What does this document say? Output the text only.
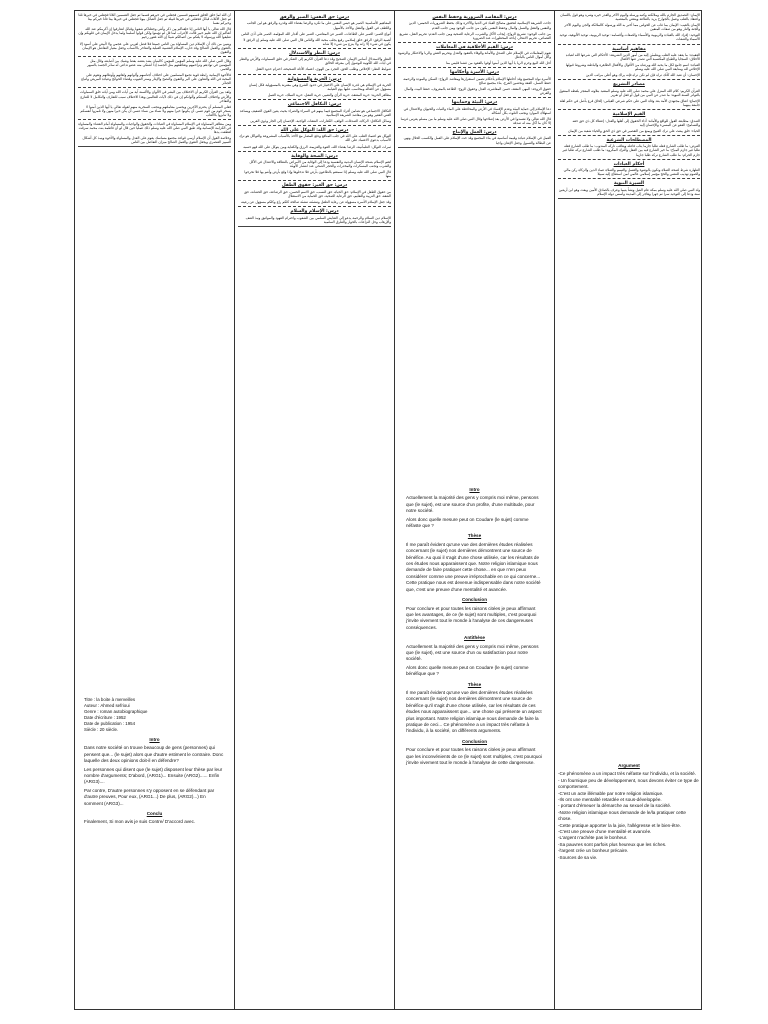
الإيمان: التصديق الجازم بالله وملائكته وكتبه ورسله واليوم الآخر والقدر خيره وشره وهو قول باللسان واعتقاد بالقلب وعمل بالجوارح يزيد بالطاعة وينقص بالمعصية

الإيمان بالغيب: الإيمان بما غاب عن الحواس مما أخبر به الله ورسوله كالملائكة والجن واليوم الآخر والجنة والنار وهو من صفات المتقين

التوحيد: إفراد الله بالعبادة والربوبية والأسماء والصفات وأقسامه: توحيد الربوبية، توحيد الألوهية، توحيد الأسماء والصفات

مفاهيم أساسية

العقيدة: ما يعقد عليه القلب ويطمئن إليه من أمور الدين الشريعة: الأحكام التي شرعها الله لعباده الأخلاق: السجايا والطباع المكتسبة التي تصدر عنها الأفعال

العبادة: اسم جامع لكل ما يحبه الله ويرضاه من الأقوال والأفعال الظاهرة والباطنة وشروط قبولها الإخلاص لله ومتابعة النبي صلى الله عليه وسلم

الإحسان: أن تعبد الله كأنك تراه فإن لم تكن تراه فإنه يراك وهو أعلى مراتب الدين

مصادر التشريع

القرآن الكريم: كلام الله المنزل على محمد صلى الله عليه وسلم المتعبد بتلاوته المعجز بلفظه المنقول بالتواتر السنة النبوية: ما صدر عن النبي من قول أو فعل أو تقرير

الإجماع: اتفاق مجتهدي الأمة بعد وفاة النبي على حكم شرعي القياس: إلحاق فرع بأصل في حكم لعلة جامعة بينهما

القيم الإسلامية

الصدق: مطابقة القول للواقع والأمانة: أداء الحقوق إلى أهلها والعدل: إعطاء كل ذي حق حقه والتسامح: العفو عن المسيء والإحسان إليه

الحياء: خلق يبعث على ترك القبيح ويمنع من التقصير في حق ذي الحق والحياء شعبة من الإيمان

المصطلحات الشرعية

الفرض: ما طلب الشارع فعله طلبا جازما يثاب فاعله ويعاقب تاركه المندوب: ما طلب الشارع فعله طلبا غير جازم المباح: ما خير الشارع فيه بين الفعل والترك المكروه: ما طلب الشارع تركه طلبا غير جازم الحرام: ما طلب الشارع تركه طلبا جازما

أحكام العبادات

الطهارة شرط لصحة الصلاة وتكون بالوضوء والغسل والتيمم والصلاة عماد الدين والزكاة ركن مالي والصوم تهذيب للنفس والحج مؤتمر إسلامي عالمي لمن استطاع إليه سبيلا

السيرة النبوية

ولد النبي صلى الله عليه وسلم بمكة عام الفيل ونشأ يتيما وعرف بالصادق الأمين وبعث وهو ابن أربعين سنة ودعا إلى التوحيد سرا ثم جهرا وهاجر إلى المدينة وأسس دولة الإسلام

Argument
-Ce phénomène a un impact très néfaste sur l'individu, et la société.
- Un fournique peu de développement, nous devons éviter ce type de comportement.
-C'est un acte illémable par notre religion islamique.
-Ils ont une mentalité retardée et sous-développée.
- portant d'émeuer la démarche au sexuel de la société.
-Notre religion islamique nous demande de le/la pratiquer cette chose.
-Cette pratique apporter la la joie, l'allégresse et le bien-être.
-C'est une preuve d'une mentalité et avancée.
-L'argent n'achète pas le bonheur.
-Sa pauvres sont parfois plus heureux que les riches.
-l'argent crée un bonheur précaire.
-Sources de sa vie.
درس: المقاصد الضرورية وحفظ النفس

جاءت الشريعة الإسلامية لتحقيق مصالح العباد في الدنيا والآخرة وذلك بحفظ الضروريات الخمس: الدين والنفس والعقل والنسل والمال وحفظ النفس يكون من جانب الوجود ومن جانب العدم

من جانب الوجود: تشريع الزواج، إيجاب الأكل والشرب، الرعاية الصحية ومن جانب العدم: تحريم القتل، تشريع القصاص، تحريم الانتحار، إباحة المحظورات عند الضرورة

درس: القيم الأخلاقية في المعاملات

تقوم المعاملات في الإسلام على الصدق والأمانة والوفاء بالعقود والعدل وتحريم الغش والربا والاحتكار والرشوة وأكل أموال الناس بالباطل

أحل الله البيع وحرم الربا يا أيها الذين آمنوا أوفوا بالعقود من غشنا فليس منا

درس: الأسرة وأحكامها

الأسرة نواة المجتمع وقد أحاطها الإسلام بأحكام تضمن استقرارها ومقاصد الزواج: السكن والمودة والرحمة، حفظ النسل، العفة وتحصين الفرج، بناء مجتمع صالح

حقوق الزوجة: المهر، النفقة، حسن المعاشرة، العدل وحقوق الزوج: الطاعة بالمعروف، حفظ البيت والمال والعرض

درس: البيئة وحمايتها

دعا الإسلام إلى حماية البيئة وعدم الإفساد في الأرض والمحافظة على الماء والنبات والحيوان والاعتدال في استهلاك الموارد وتجنب التلوث بكل أشكاله

قال الله تعالى ولا تفسدوا في الأرض بعد إصلاحها وقال النبي صلى الله عليه وسلم ما من مسلم يغرس غرسا إلا كان ما أكل منه له صدقة

درس: العمل والإنتاج

العمل في الإسلام عبادة وقيمة أساسية في بناء المجتمع وقد حث الإسلام على العمل والكسب الحلال ونهى عن البطالة والتسول وجعل الإتقان واجبا

Intro

Actuellement la majorité des gens y compris moi même, pensons que (le sujet), est une source d'un profite, d'une multitude, pour notre société.

Alors donc quelle mesure peut on Coudare (le sujet) comme néfaste que ?

Thèse

Il me paraît évident qu'une vue des dernières études réalisées concernant (le sujet) nos dernières démontrent une source de bénéfice. Au quoi il s'agit d'une chose utilisée, car les résultats de ces études nous apparaissent que. Notre religion islamique nous demande de faire pratiquer cette chose... en que n'en peux considérer comme une preuve irréprochable en ce qui concerne... Cette pratique nous est devenue indispensable dans notre société que, c'est une preuve d'une mentalité et avancée.

Conclusion

Pour conclure et pour toutes les raisons citées je peux affirmant que les avantages, de ce (le sujet) sont multiples, c'est pourquoi j'invite vivement tout le monde à l'analyse de ces dangereuses conséquences.

Antithèse

Actuellement la majorité des gens y compris moi même, pensons que (le sujet), est une source d'un ou satisfaction pour notre société.

Alors donc quelle mesure peut on Coudare (le sujet) comme bénéfique que ?

Thèse

Il me paraît évident qu'une vue des dernières études réalisées concernant (le sujet) nos dernières démontrent une source de bénéfice qu'il s'agit d'une chose utilisée, car les résultats de ces études nous apparaissent que... une chose qui présente un aspect plus important. Notre religion islamique nous demande de faire la pratique de ceci... Ce phénomène a un impact très néfaste à l'individu, à la société, on différents arguments.

Conclusion

Pour conclure et pour toutes les raisons citées je peux affirmant que les inconvénients de ce (le sujet) sont multiples, c'est pourquoi j'invite vivement tout le monde à l'analyse de cette dangereuse.

درس: حق النفس: الصبر والرفق

المفاهيم الأساسية: الصبر هو حبس النفس على ما تكره والرضا بقضاء الله وقدره والرفق هو لين الجانب واللطف في القول والفعل والأخذ بالأسهل

أنواع الصبر: الصبر على الطاعات، الصبر عن المعاصي، الصبر على أقدار الله المؤلمة، الصبر على أذى الناس

أهمية الرفق: الرفق خلق إسلامي رفيع يجلب محبة الله والناس قال النبي صلى الله عليه وسلم إن الرفق لا يكون في شيء إلا زانه ولا ينزع من شيء إلا شانه

درس: النظر والاستدلال

النظر والاستدلال أساس الإيمان الصحيح وقد دعا القرآن الكريم إلى التفكر في خلق السماوات والأرض والنظر في آيات الله الكونية للوصول إلى معرفة الخالق

ضوابط النظر: الإخلاص وطلب الحق، التجرد من الهوى، اعتماد الأدلة الصحيحة، احترام حدود العقل

درس: الحرية والمسؤولية

الحرية في الإسلام هي قدرة الإنسان على الاختيار في حدود الشرع وهي مقترنة بالمسؤولية فكل إنسان مسؤول عن أفعاله ومحاسب عليها يوم القيامة

مظاهر الحرية: حرية المعتقد، حرية الرأي والتعبير، حرية التنقل، حرية التملك، حرية العمل

درس: التكافل الاجتماعي

التكافل الاجتماعي هو تضامن أفراد المجتمع فيما بينهم في السراء والضراء بحيث يعين القوي الضعيف ويساعد الغني الفقير وهو من مقاصد الشريعة الإسلامية

وسائل التكافل: الزكاة، الصدقات، الوقف، الكفارات، النفقات الواجبة، الإحسان إلى الجار وذوي القربى

درس: حق الله: التوكل على الله

التوكل هو اعتماد القلب على الله في جلب المنافع ودفع المضار مع الأخذ بالأسباب المشروعة والتواكل هو ترك الأسباب بدعوى الاعتماد على الله

ثمرات التوكل: الطمأنينة، الرضا بقضاء الله، القوة والعزيمة، الرزق والكفاية ومن يتوكل على الله فهو حسبه

درس: الصحة والوقاية

اهتم الإسلام بصحة الإنسان البدنية والنفسية ودعا إلى الوقاية من الأمراض بالنظافة والاعتدال في الأكل والشرب وتجنب المسكرات والمخدرات والحجر الصحي عند انتشار الأوبئة

قال النبي صلى الله عليه وسلم إذا سمعتم بالطاعون بأرض فلا تدخلوها وإذا وقع بأرض وأنتم بها فلا تخرجوا منها

درس: حق الغير: حقوق الطفل

من حقوق الطفل في الإسلام: حق الحياة، حق النسب، حق الاسم الحسن، حق الرضاعة، حق الحضانة، حق النفقة، حق التربية والتعليم، حق الرعاية الصحية، حق الحماية من الاستغلال

وقد جعل الإسلام الأسرة مسؤولة عن رعاية الطفل وتنشئته تنشئة صالحة كلكم راع وكلكم مسؤول عن رعيته

درس: الإسلام والسلام

الإسلام دين السلام والرحمة يدعو إلى التعايش السلمي بين الشعوب واحترام العهود والمواثيق ونبذ العنف والإرهاب وحل النزاعات بالحوار والطرق السلمية

أن الله لما خلق الخلق قسمهم قسمين فجعلني في خيرهم قسما ثم جعل القسمين أثلاثا فجعلني في خيرها ثلثا ثم جعل الأثلاث قبائل فجعلني في خيرها قبيلة ثم جعل القبائل بيوتا فجعلني في خيرها بيتا فأنا خيركم بيتا وخيركم نفسا

قال الله تعالى يا أيها الناس إنا خلقناكم من ذكر وأنثى وجعلناكم شعوبا وقبائل لتعارفوا إن أكرمكم عند الله أتقاكم إن الله عليم خبير قالت الأعراب آمنا قل لم تؤمنوا ولكن قولوا أسلمنا ولما يدخل الإيمان في قلوبكم وإن تطيعوا الله ورسوله لا يلتكم من أعمالكم شيئا إن الله غفور رحيم

ويتبين من ذلك أن الإسلام دين المساواة بين الناس جميعا فلا فضل لعربي على عجمي ولا لأبيض على أسود إلا بالتقوى والعمل الصالح وقد حارب الإسلام العصبية القبلية والتفاخر بالأنساب وجعل معيار التفاضل هو الإيمان والتقوى

وقال النبي صلى الله عليه وسلم المؤمن للمؤمن كالبنيان يشد بعضه بعضا وشبك بين أصابعه وقال مثل المؤمنين في توادهم وتراحمهم وتعاطفهم مثل الجسد إذا اشتكى منه عضو تداعى له سائر الجسد بالسهر والحمى

فالأخوة الإيمانية رابطة قوية تجمع المسلمين على اختلاف أجناسهم وألوانهم ولغاتهم وأوطانهم وتقوم على المحبة في الله والتعاون على البر والتقوى والنصح والإيثار وستر العيوب وقضاء الحوائج وعيادة المريض واتباع الجنائز

ولقد بين القرآن الكريم أن الاختلاف بين البشر في الألوان والألسنة آية من آيات الله ومن آياته خلق السماوات والأرض واختلاف ألسنتكم وألوانكم إن في ذلك لآيات للعالمين وهذا الاختلاف سبب للتعارف والتكامل لا للتنازع والتفاخر

فعلى المسلم أن يحترم الآخرين ويحسن معاملتهم ويتجنب السخرية منهم لقوله تعالى يا أيها الذين آمنوا لا يسخر قوم من قوم عسى أن يكونوا خيرا منهم ولا نساء من نساء عسى أن يكن خيرا منهن ولا تلمزوا أنفسكم ولا تنابزوا بالألقاب

ومن مظاهر المساواة في الإسلام المساواة في العبادات والحقوق والواجبات والمساواة أمام القضاء والمساواة في الكرامة الإنسانية وقد طبق النبي صلى الله عليه وسلم ذلك عمليا حين قال لو أن فاطمة بنت محمد سرقت لقطعت يدها

وخلاصة القول أن الإسلام أرسى قواعد مجتمع متماسك يقوم على العدل والمساواة والأخوة وينبذ كل أشكال التمييز العنصري ويجعل التقوى والعمل الصالح ميزان التفاضل بين الناس

Titre : la boite à merveilles
Auteur : Ahmed sefrioui
Genre : roman autobiographique
Date d'écriture : 1952
Date de publication : 1954
Siècle : 20 siècle.
Intro

Dans notre société on trouve beaucoup de gens (personnes) qui pensent que... (le sujet) alors que d'autre estiment le contraire. Donc laquelle des deux opinions doit-il en défendre?

Les personnes qui disent que (le sujet) disposent leur thèse par leur nombre d'arguments; D'abord, (ARG1)... Ensuite (ARG2)...... Enfin (ARG3)....

Par contre, D'autre personnes s'y opposent en se défendant par d'autre preuves, Pour eux, (ARG1...) De plus, (ARG2)...) En somment (ARG3)...

Conclu

Finalement, Si mon avis je suis Contre/ D'accord avec.
